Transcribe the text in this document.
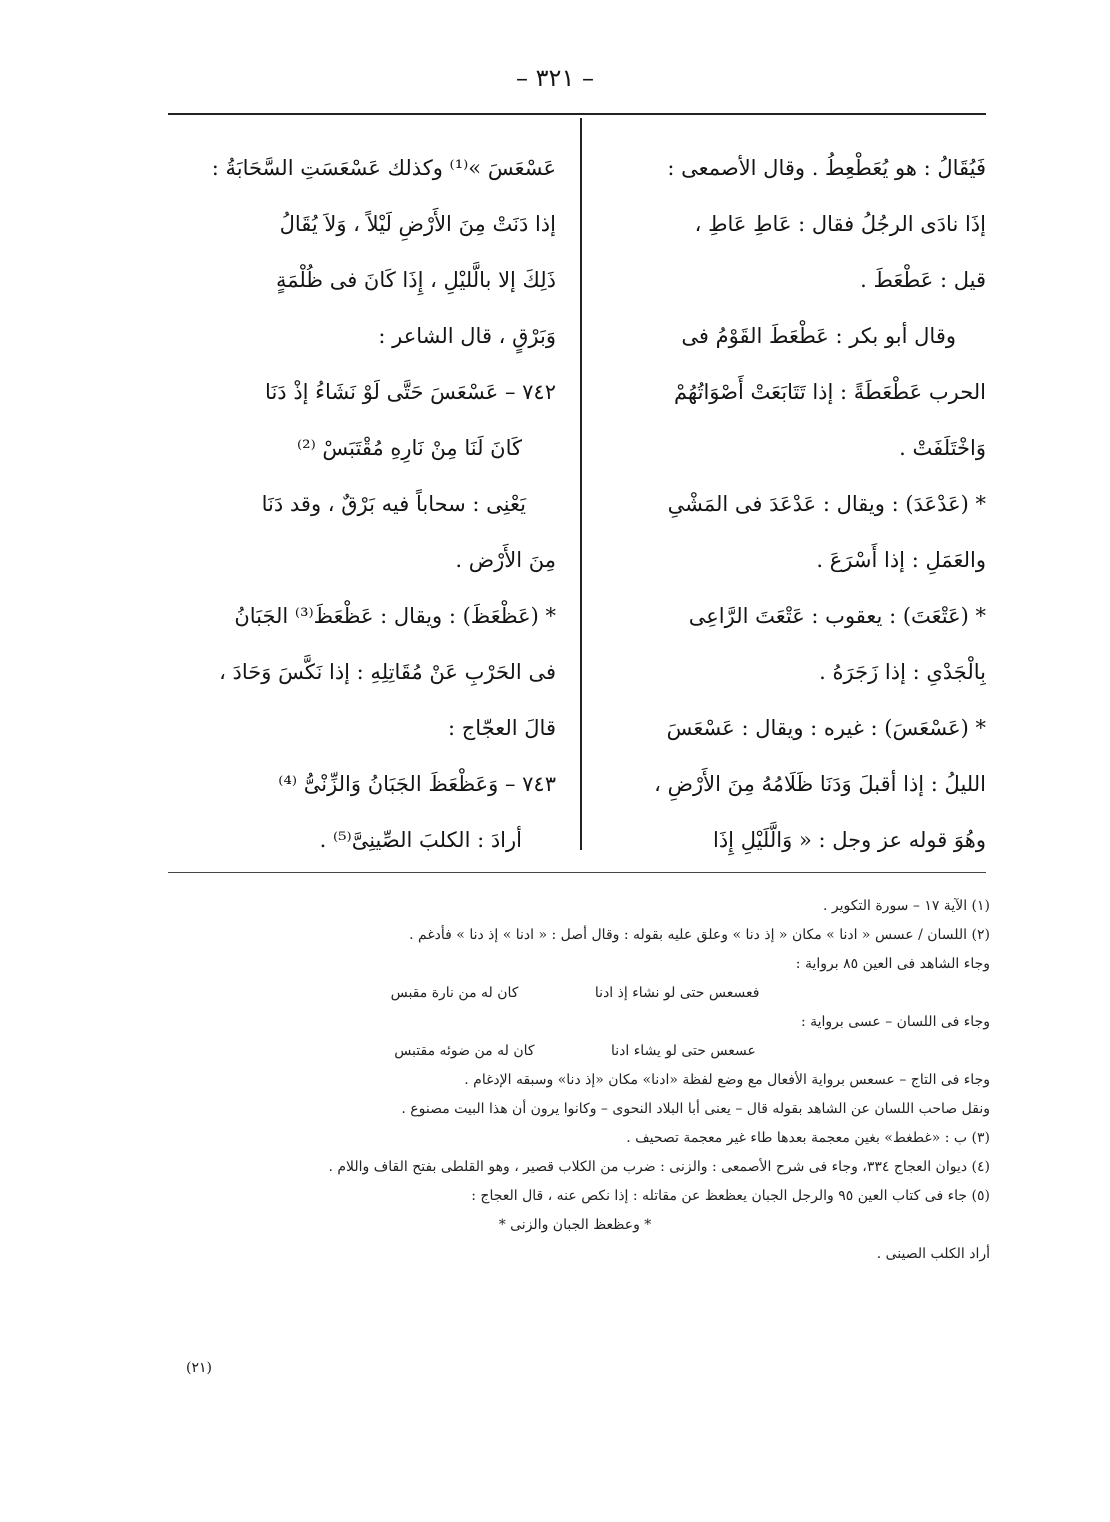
– ٣٢١ –
فَيُقَالُ : هو يُعَطْعِطُ . وقال الأصمعى :
إذَا نادَى الرجُلُ فقال : عَاطِ عَاطِ ،
قيل : عَطْعَطَ .
وقال أبو بكر : عَطْعَطَ القَوْمُ فى
الحرب عَطْعَطَةً : إذا تَتَابَعَتْ أَصْوَاتُهُمْ
وَاخْتَلَفَتْ .
* (عَدْعَدَ) : ويقال : عَدْعَدَ فى المَشْىِ
والعَمَلِ : إذا أَسْرَعَ .
* (عَتْعَتَ) : يعقوب : عَتْعَتَ الرَّاعِى
بِالْجَدْىِ : إذا زَجَرَهُ .
* (عَسْعَسَ) : غيره : ويقال : عَسْعَسَ
الليلُ : إذا أقبلَ وَدَنَا ظَلَامُهُ مِنَ الأَرْضِ ،
وهُوَ قوله عز وجل : « وَالَّلَيْلِ إِذَا
عَسْعَسَ »⁽¹⁾ وكذلك عَسْعَسَتِ السَّحَابَةُ :
إذا دَنَتْ مِنَ الأَرْضِ لَيْلاً ، وَلاَ يُقَالُ
ذَلِكَ إلا بالَّليْلِ ، إِذَا كَانَ فى ظُلْمَةٍ
وَبَرْقٍ ، قال الشاعر :
٧٤٢ – عَسْعَسَ حَتَّى لَوْ نَشَاءُ إذْ دَنَا
كَانَ لَنَا مِنْ نَارِهِ مُقْتَبَسْ ⁽²⁾
يَعْنِى : سحاباً فيه بَرْقٌ ، وقد دَنَا
مِنَ الأَرْض .
* (عَظْعَظَ) : ويقال : عَظْعَظَ⁽³⁾ الجَبَانُ
فى الحَرْبِ عَنْ مُقَاتِلِهِ : إذا نَكَّسَ وَحَادَ ،
قالَ العجّاج :
٧٤٣ – وَعَظْعَظَ الجَبَانُ وَالزِّنْىُّ ⁽⁴⁾
أرادَ : الكلبَ الصِّينِىَّ⁽⁵⁾ .
(١) الآية ١٧ – سورة التكوير .
(٢) اللسان / عسس « ادنا » مكان « إذ دنا » وعلق عليه بقوله : وقال أصل : « ادنا » إذ دنا » فأدغم .
وجاء الشاهد فى العين ٨٥ برواية :
فعسعس حتى لو نشاء إذ ادنا كان له من نارة مقبس
وجاء فى اللسان – عسى برواية :
عسعس حتى لو يشاء ادنا كان له من ضوئه مقتبس
وجاء فى التاج – عسعس برواية الأفعال مع وضع لفظة «ادنا» مكان «إذ دنا» وسبقه الإدغام .
ونقل صاحب اللسان عن الشاهد بقوله قال – يعنى أبا البلاد النحوى – وكانوا يرون أن هذا البيت مصنوع .
(٣) ب : «غطغط» بغين معجمة بعدها طاء غير معجمة تصحيف .
(٤) ديوان العجاج ٣٣٤، وجاء فى شرح الأصمعى : والزنى : ضرب من الكلاب قصير ، وهو القلطى بفتح القاف واللام .
(٥) جاء فى كتاب العين ٩٥ والرجل الجبان يعظعظ عن مقاتله : إذا نكص عنه ، قال العجاج :
* وعظعظ الجبان والزنى *
أراد الكلب الصينى .
(٢١)
